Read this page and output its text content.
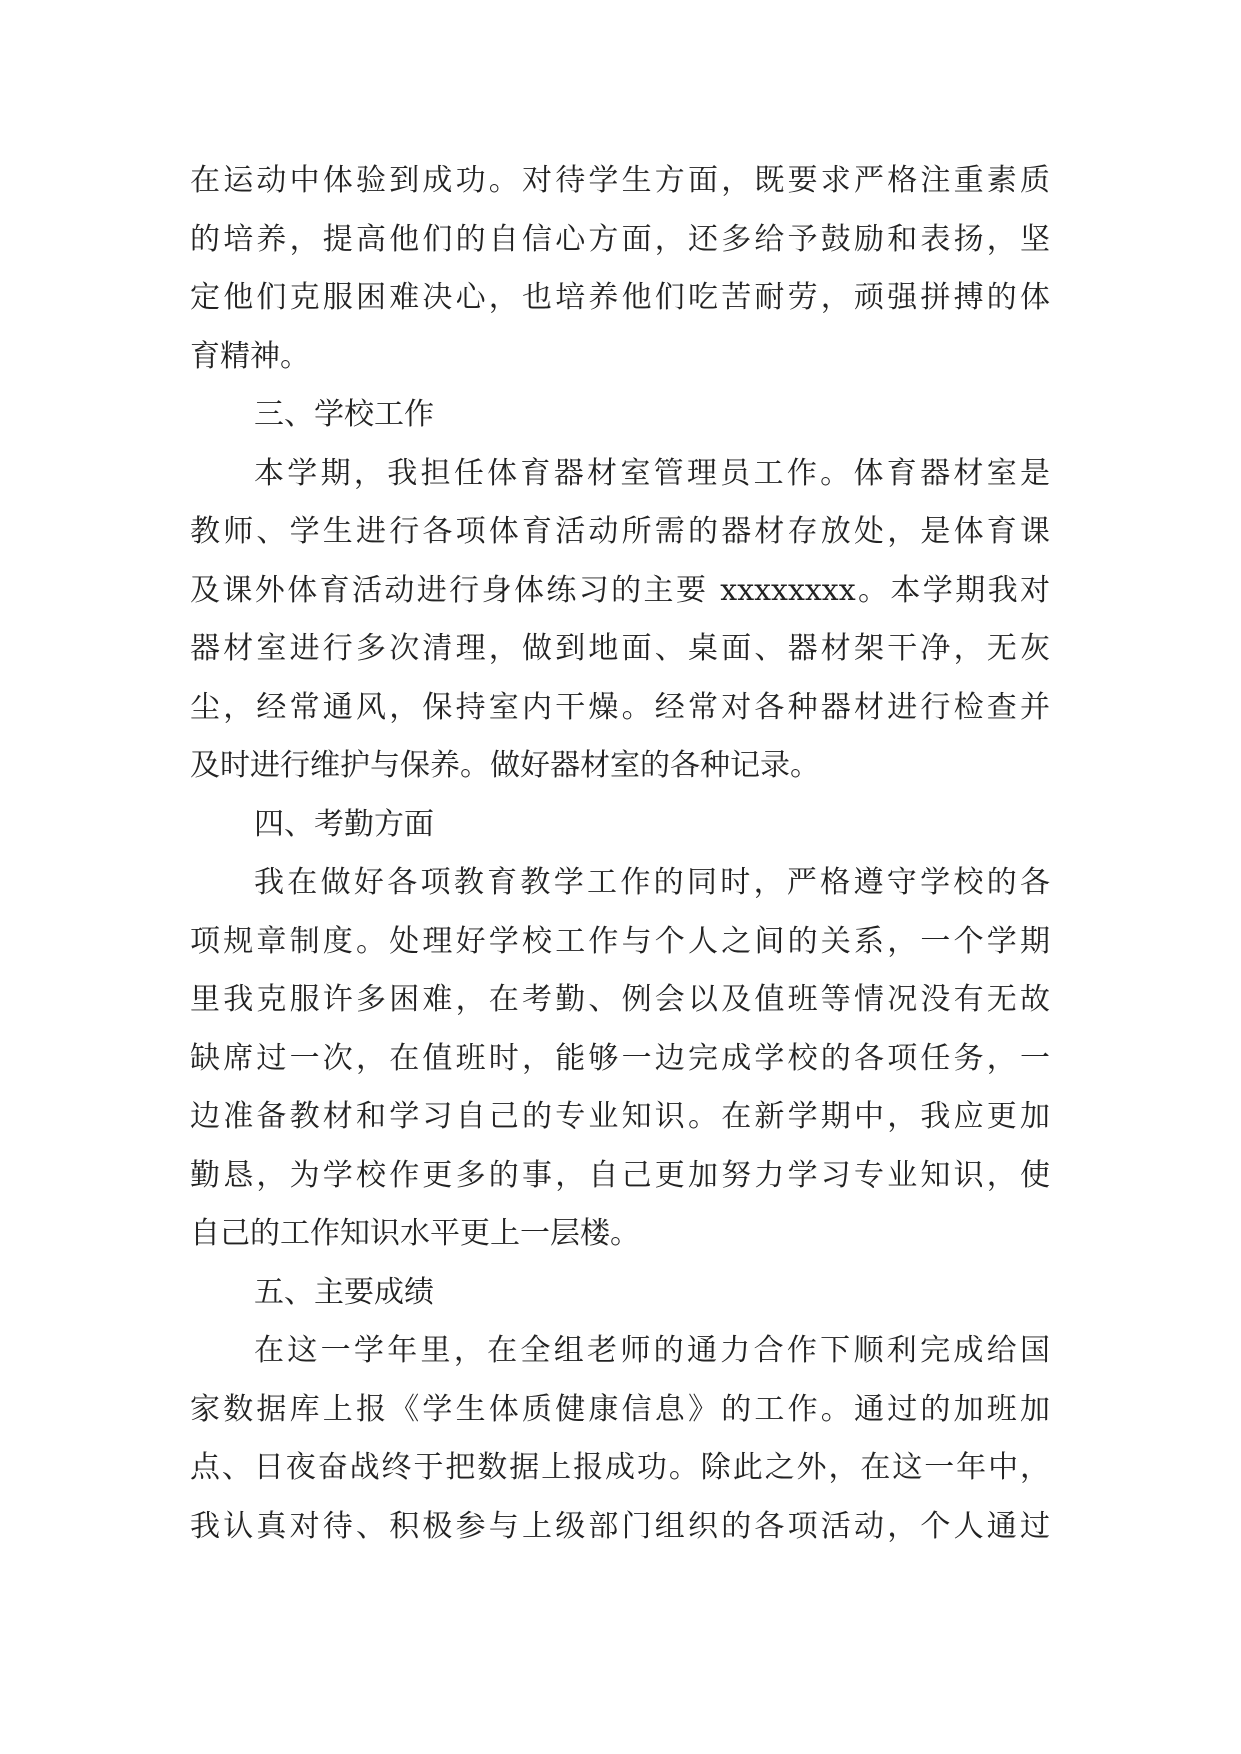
在运动中体验到成功。对待学生方面，既要求严格注重素质
的培养，提高他们的自信心方面，还多给予鼓励和表扬，坚
定他们克服困难决心，也培养他们吃苦耐劳，顽强拼搏的体
育精神。
三、学校工作
本学期，我担任体育器材室管理员工作。体育器材室是
教师、学生进行各项体育活动所需的器材存放处，是体育课
及课外体育活动进行身体练习的主要 xxxxxxxx。本学期我对
器材室进行多次清理，做到地面、桌面、器材架干净，无灰
尘，经常通风，保持室内干燥。经常对各种器材进行检查并
及时进行维护与保养。做好器材室的各种记录。
四、考勤方面
我在做好各项教育教学工作的同时，严格遵守学校的各
项规章制度。处理好学校工作与个人之间的关系，一个学期
里我克服许多困难，在考勤、例会以及值班等情况没有无故
缺席过一次，在值班时，能够一边完成学校的各项任务，一
边准备教材和学习自己的专业知识。在新学期中，我应更加
勤恳，为学校作更多的事，自己更加努力学习专业知识，使
自己的工作知识水平更上一层楼。
五、主要成绩
在这一学年里，在全组老师的通力合作下顺利完成给国
家数据库上报《学生体质健康信息》的工作。通过的加班加
点、日夜奋战终于把数据上报成功。除此之外，在这一年中，
我认真对待、积极参与上级部门组织的各项活动，个人通过
